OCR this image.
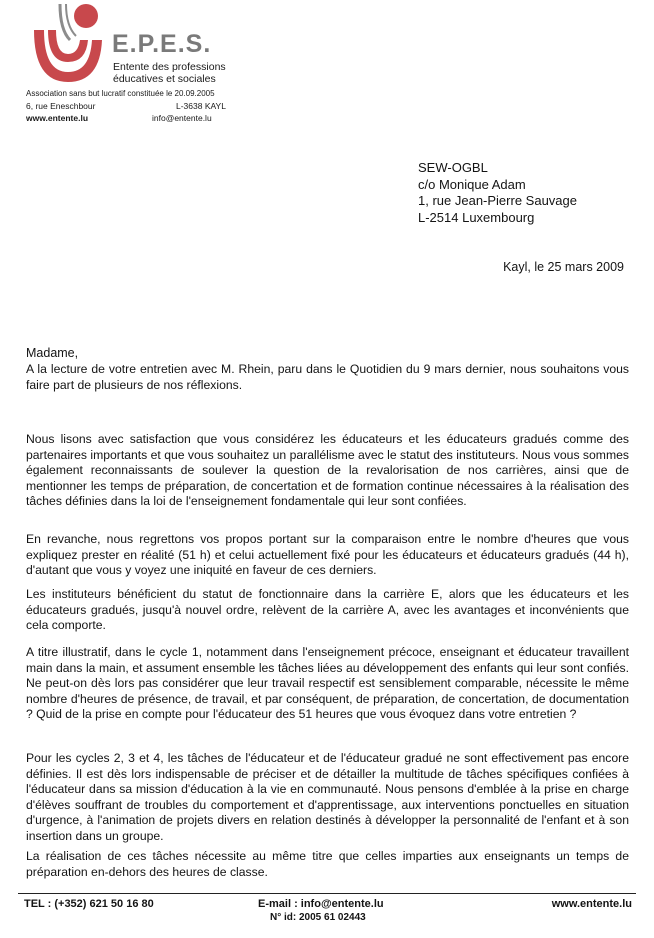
E.P.E.S.
Entente des professions
éducatives et sociales
Association sans but lucratif constituée le 20.09.2005
6, rue Eneschbour	L-3638 KAYL
www.entente.lu	info@entente.lu
SEW-OGBL
c/o Monique Adam
1, rue Jean-Pierre Sauvage
L-2514 Luxembourg
Kayl, le 25 mars 2009
Madame,

A la lecture de votre entretien avec M. Rhein, paru dans le Quotidien du 9 mars dernier, nous souhaitons vous faire part de plusieurs de nos réflexions.

Nous lisons avec satisfaction que vous considérez les éducateurs et les éducateurs gradués comme des partenaires importants et que vous souhaitez un parallélisme avec le statut des instituteurs. Nous vous sommes également reconnaissants de soulever la question de la revalorisation de nos carrières, ainsi que de mentionner les temps de préparation, de concertation et de formation continue nécessaires à la réalisation des tâches définies dans la loi de l'enseignement fondamentale qui leur sont confiées.

En revanche, nous regrettons vos propos portant sur la comparaison entre le nombre d'heures que vous expliquez prester en réalité (51 h) et celui actuellement fixé pour les éducateurs et éducateurs gradués (44 h), d'autant que vous y voyez une iniquité en faveur de ces derniers.

Les instituteurs bénéficient du statut de fonctionnaire dans la carrière E, alors que les éducateurs et les éducateurs gradués, jusqu'à nouvel ordre, relèvent de la carrière A, avec les avantages et inconvénients que cela comporte.

A titre illustratif, dans le cycle 1, notamment dans l'enseignement précoce, enseignant et éducateur travaillent main dans la main, et assument ensemble les tâches liées au développement des enfants qui leur sont confiés. Ne peut-on dès lors pas considérer que leur travail respectif est sensiblement comparable, nécessite le même nombre d'heures de présence, de travail, et par conséquent, de préparation, de concertation, de documentation ? Quid de la prise en compte pour l'éducateur des 51 heures que vous évoquez dans votre entretien ?

Pour les cycles 2, 3 et 4, les tâches de l'éducateur et de l'éducateur gradué ne sont effectivement pas encore définies. Il est dès lors indispensable de préciser et de détailler la multitude de tâches spécifiques confiées à l'éducateur dans sa mission d'éducation à la vie en communauté. Nous pensons d'emblée à la prise en charge d'élèves souffrant de troubles du comportement et d'apprentissage, aux interventions ponctuelles en situation d'urgence, à l'animation de projets divers en relation destinés à développer la personnalité de l'enfant et à son insertion dans un groupe.

La réalisation de ces tâches nécessite au même titre que celles imparties aux enseignants un temps de préparation en-dehors des heures de classe.

TEL : (+352) 621 50 16 80	E-mail : info@entente.lu
N° id: 2005 61 02443
www.entente.lu
